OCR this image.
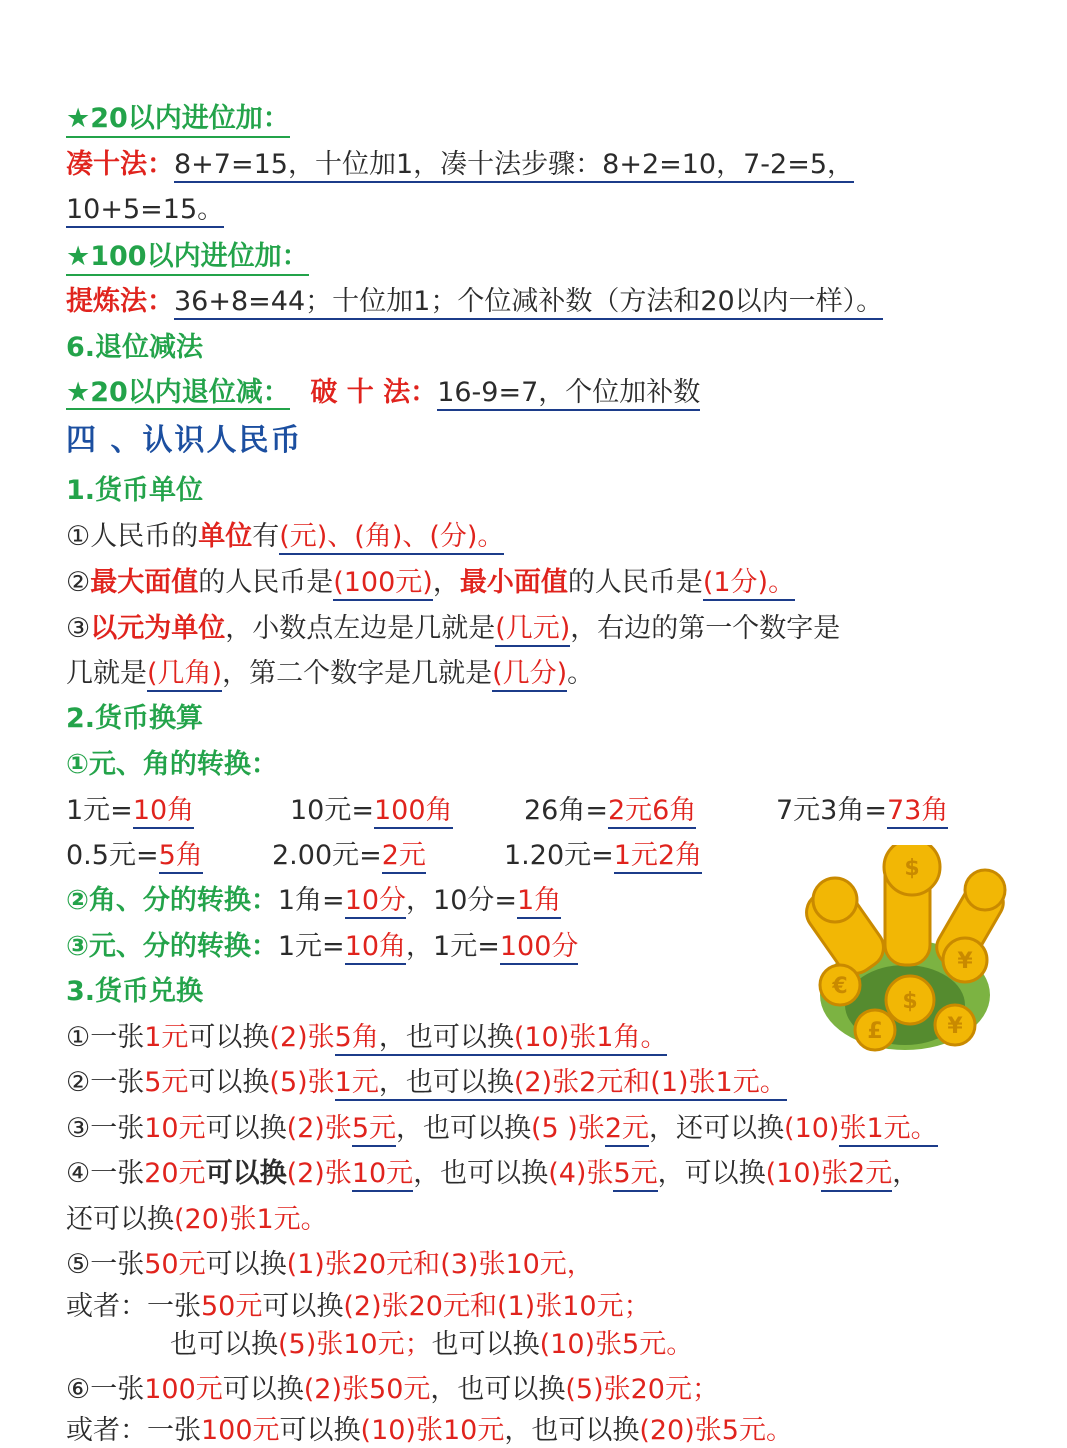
★20以内进位加：
凑十法：8+7=15，十位加1，凑十法步骤：8+2=10，7-2=5，
10+5=15。
★100以内进位加：
提炼法：36+8=44；十位加1；个位减补数（方法和20以内一样）。
6.退位减法
★20以内退位减： 破 十 法：16-9=7，个位加补数
四 、认识人民币
1.货币单位
①人民币的单位有(元)、(角)、(分)。
②最大面值的人民币是(100元)，最小面值的人民币是(1分)。
③以元为单位，小数点左边是几就是(几元)，右边的第一个数字是
几就是(几角)，第二个数字是几就是(几分)。
2.货币换算
①元、角的转换：
1元=10角	10元=100角	26角=2元6角	7元3角=73角
0.5元=5角	2.00元=2元	1.20元=1元2角
②角、分的转换：1角=10分，10分=1角
③元、分的转换：1元=10角，1元=100分
$
$
¥
€
£	¥
3.货币兑换
①一张1元可以换(2)张5角，也可以换(10)张1角。
②一张5元可以换(5)张1元，也可以换(2)张2元和(1)张1元。
③一张10元可以换(2)张5元，也可以换(5 )张2元，还可以换(10)张1元。
④一张20元可以换(2)张10元，也可以换(4)张5元，可以换(10)张2元，
还可以换(20)张1元。
⑤一张50元可以换(1)张20元和(3)张10元，
或者：一张50元可以换(2)张20元和(1)张10元；
也可以换(5)张10元；也可以换(10)张5元。
⑥一张100元可以换(2)张50元，也可以换(5)张20元；
或者：一张100元可以换(10)张10元，也可以换(20)张5元。
